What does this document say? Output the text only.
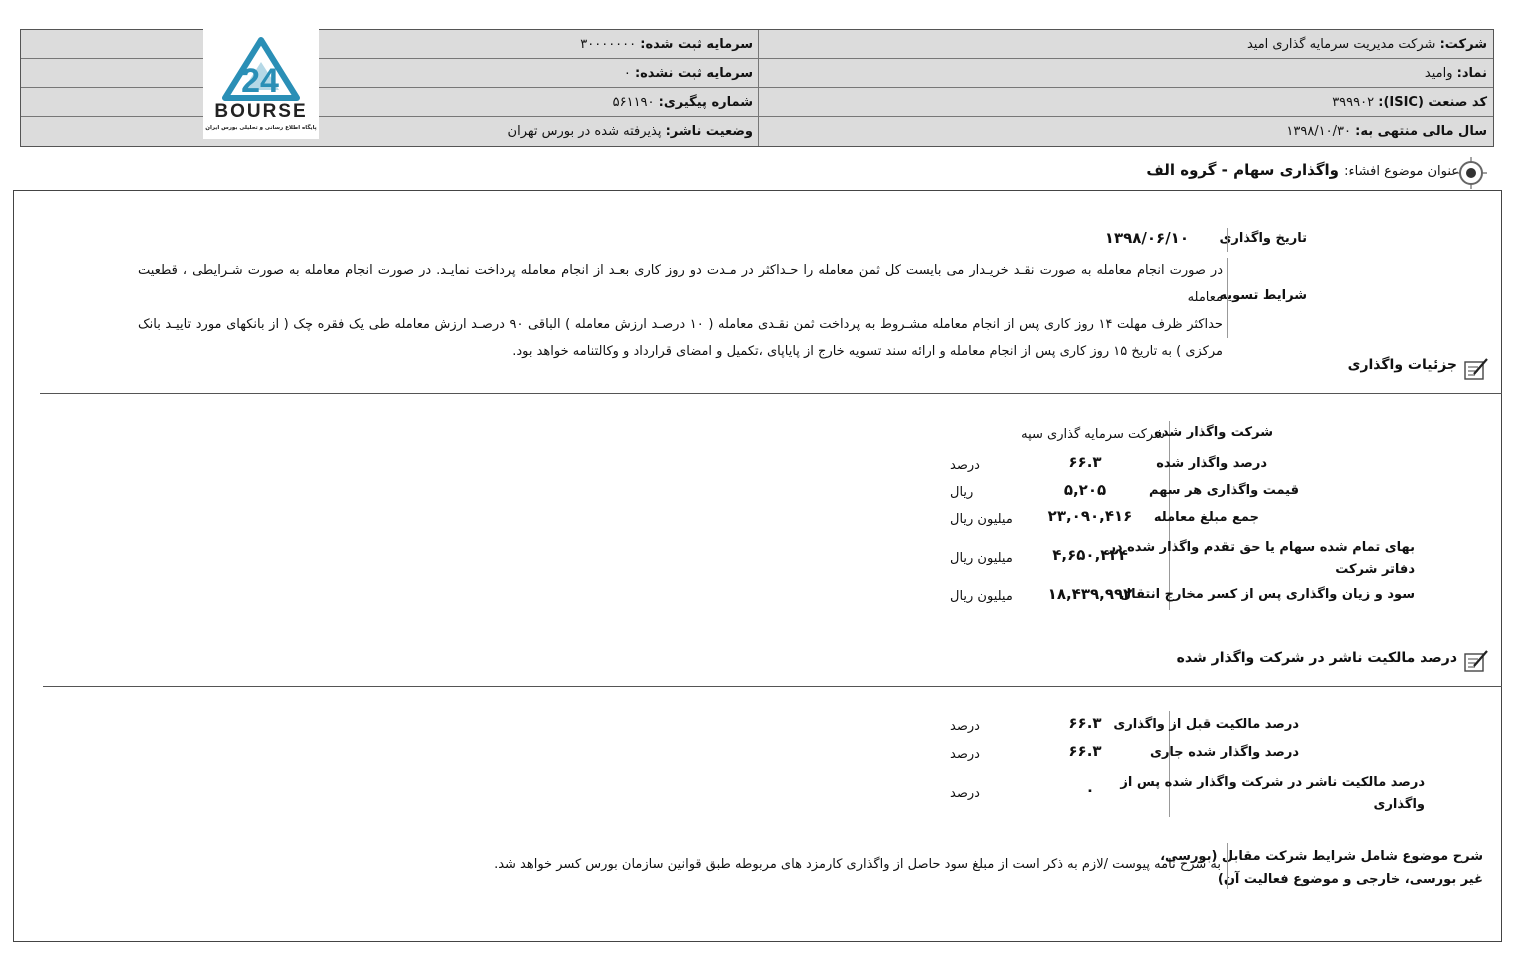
شرکت: شرکت مدیریت سرمایه گذاری امید
سرمایه ثبت شده: ۳۰۰۰۰۰۰۰
نماد: وامید
سرمایه ثبت نشده: ۰
کد صنعت (ISIC): ۳۹۹۹۰۲
شماره پیگیری: ۵۶۱۱۹۰
سال مالی منتهی به: ۱۳۹۸/۱۰/۳۰
وضعیت ناشر: پذیرفته شده در بورس تهران
24
BOURSE
پایگاه اطلاع رسانی و تحلیلی بورس ایران
عنوان موضوع افشاء: واگذاری سهام - گروه الف
تاریخ واگذاری
۱۳۹۸/۰۶/۱۰
شرایط تسویه
در صورت انجام معامله به صورت نقـد خریـدار می بایست کل ثمن معامله را حـداکثر در مـدت دو روز کاری بعـد از انجام معامله پرداخت نمایـد. در صورت انجام معامله به صورت شـرایطی ، قطعیت معامله
حداکثر ظرف مهلت ۱۴ روز کاری پس از انجام معامله مشـروط به پرداخت ثمن نقـدی معامله ( ۱۰ درصـد ارزش معامله ) الباقی ۹۰ درصـد ارزش معامله طی یک فقره چک ( از بانکهای مورد تاییـد بانک
مرکزی ) به تاریخ ۱۵ روز کاری پس از انجام معامله و ارائه سند تسویه خارج از پایاپای ،تکمیل و امضای قرارداد و وکالتنامه خواهد بود.
جزئیات واگذاری
شرکت واگذار شده
شرکت سرمایه گذاری سپه
درصد واگذار شده
۶۶.۳
درصد
قیمت واگذاری هر سهم
۵,۲۰۵
ریال
جمع مبلغ معامله
۲۳,۰۹۰,۴۱۶
میلیون ریال
بهای تمام شده سهام یا حق تقدم واگذار شده در
دفاتر شرکت
۴,۶۵۰,۴۲۴
میلیون ریال
سود و زیان واگذاری پس از کسر مخارج انتقال
۱۸,۴۳۹,۹۹۲
میلیون ریال
درصد مالکیت ناشر در شرکت واگذار شده
درصد مالکیت قبل از واگذاری
۶۶.۳
درصد
درصد واگذار شده جاری
۶۶.۳
درصد
درصد مالکیت ناشر در شرکت واگذار شده پس از
واگذاری
۰
درصد
شرح موضوع شامل شرایط شرکت مقابل (بورسی،
غیر بورسی، خارجی و موضوع فعالیت آن)
به شرح نامه پیوست /لازم به ذکر است از مبلغ سود حاصل از واگذاری کارمزد های مربوطه طبق قوانین سازمان بورس کسر خواهد شد.
